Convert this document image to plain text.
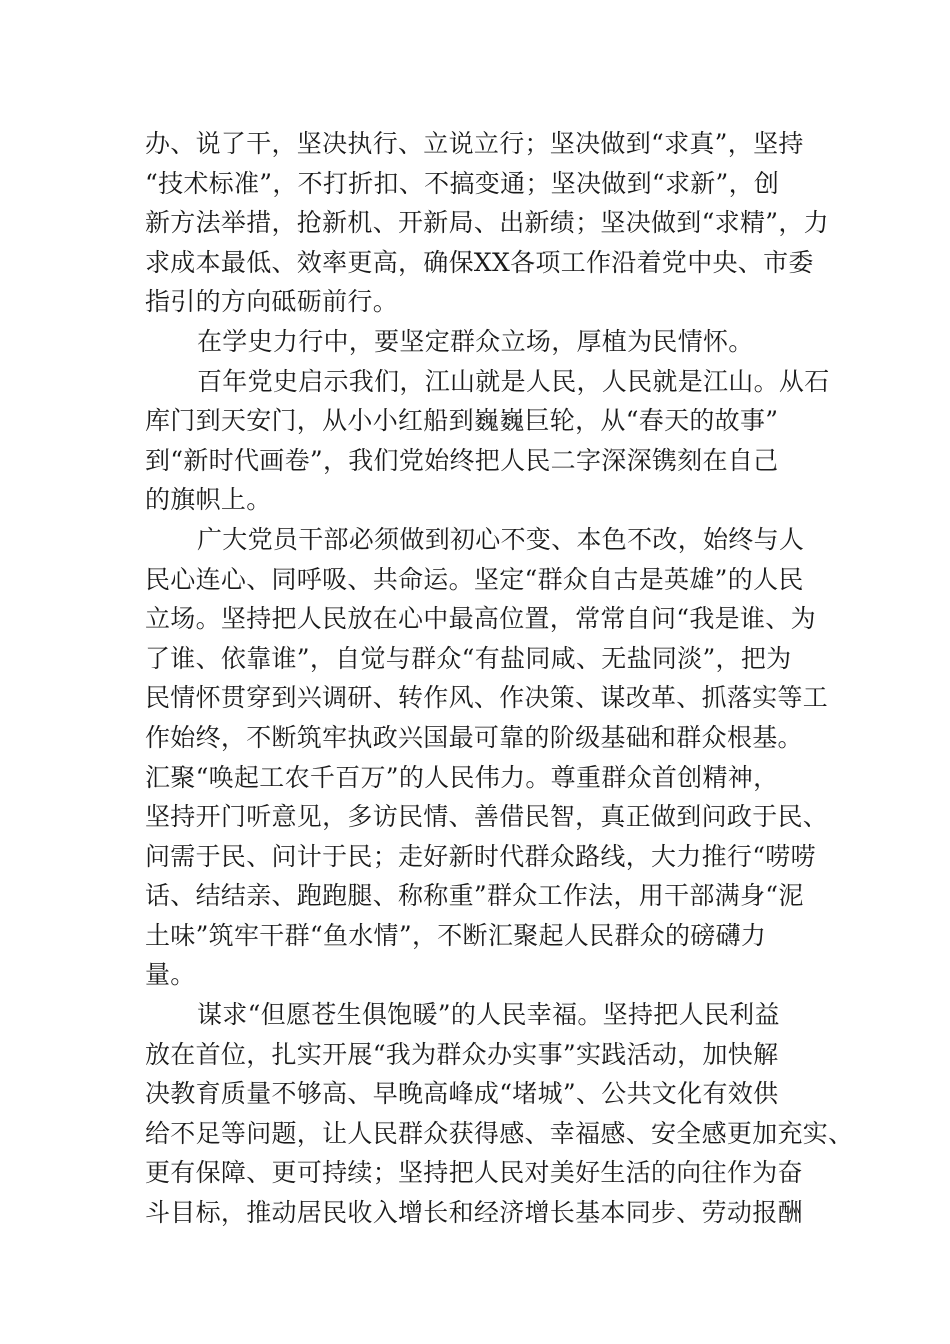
办、说了干，坚决执行、立说立行；坚决做到“求真”，坚持
“技术标准”，不打折扣、不搞变通；坚决做到“求新”，创
新方法举措，抢新机、开新局、出新绩；坚决做到“求精”，力
求成本最低、效率更高，确保XX各项工作沿着党中央、市委
指引的方向砥砺前行。
在学史力行中，要坚定群众立场，厚植为民情怀。
百年党史启示我们，江山就是人民，人民就是江山。从石
库门到天安门，从小小红船到巍巍巨轮，从“春天的故事”
到“新时代画卷”，我们党始终把人民二字深深镌刻在自己
的旗帜上。
广大党员干部必须做到初心不变、本色不改，始终与人
民心连心、同呼吸、共命运。坚定“群众自古是英雄”的人民
立场。坚持把人民放在心中最高位置，常常自问“我是谁、为
了谁、依靠谁”，自觉与群众“有盐同咸、无盐同淡”，把为
民情怀贯穿到兴调研、转作风、作决策、谋改革、抓落实等工
作始终，不断筑牢执政兴国最可靠的阶级基础和群众根基。
汇聚“唤起工农千百万”的人民伟力。尊重群众首创精神，
坚持开门听意见，多访民情、善借民智，真正做到问政于民、
问需于民、问计于民；走好新时代群众路线，大力推行“唠唠
话、结结亲、跑跑腿、称称重”群众工作法，用干部满身“泥
土味”筑牢干群“鱼水情”，不断汇聚起人民群众的磅礴力
量。
谋求“但愿苍生俱饱暖”的人民幸福。坚持把人民利益
放在首位，扎实开展“我为群众办实事”实践活动，加快解
决教育质量不够高、早晚高峰成“堵城”、公共文化有效供
给不足等问题，让人民群众获得感、幸福感、安全感更加充实、
更有保障、更可持续；坚持把人民对美好生活的向往作为奋
斗目标，推动居民收入增长和经济增长基本同步、劳动报酬
